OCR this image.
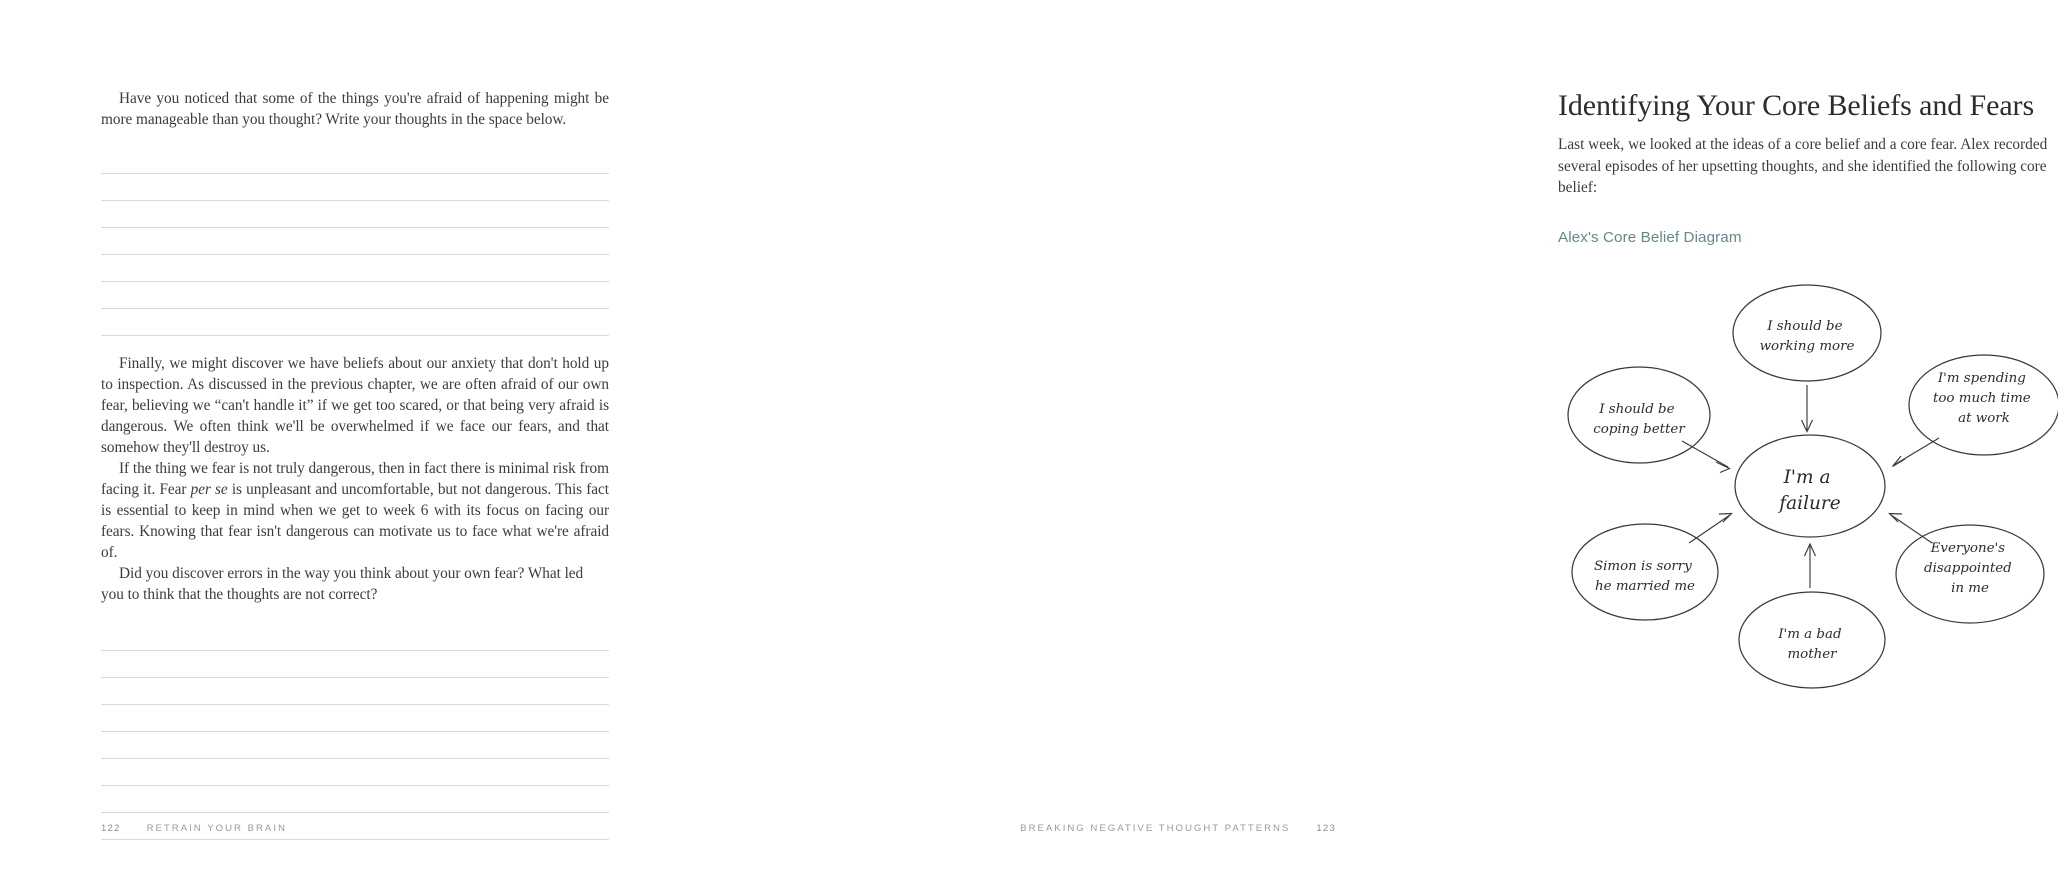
Have you noticed that some of the things you're afraid of happening might be more manageable than you thought? Write your thoughts in the space below.

Finally, we might discover we have beliefs about our anxiety that don't hold up to inspection. As discussed in the previous chapter, we are often afraid of our own fear, believing we “can't handle it” if we get too scared, or that being very afraid is dangerous. We often think we'll be overwhelmed if we face our fears, and that somehow they'll destroy us.

If the thing we fear is not truly dangerous, then in fact there is minimal risk from facing it. Fear per se is unpleasant and uncomfortable, but not dangerous. This fact is essential to keep in mind when we get to week 6 with its focus on facing our fears. Knowing that fear isn't dangerous can motivate us to face what we're afraid of.

Did you discover errors in the way you think about your own fear? What led you to think that the thoughts are not correct?

122	RETRAIN YOUR BRAIN
Identifying Your Core Beliefs and Fears

Last week, we looked at the ideas of a core belief and a core fear. Alex recorded several episodes of her upsetting thoughts, and she identified the following core belief:

Alex's Core Belief Diagram
I should be working more
I'm spending too much time at work
Everyone's disappointed in me
I'm a bad mother
Simon is sorry he married me
I should be coping better
I'm a failure
BREAKING NEGATIVE THOUGHT PATTERNS	123
